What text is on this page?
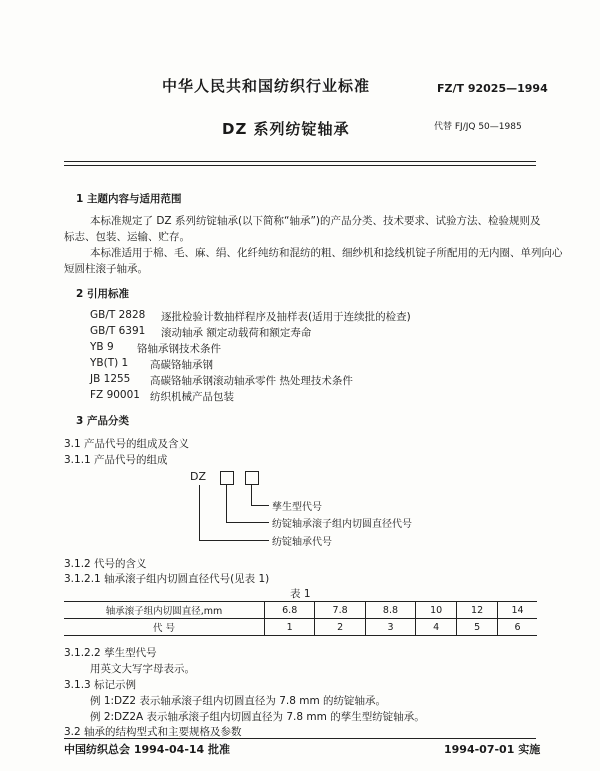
中华人民共和国纺织行业标准	FZ/T 92025—1994
DZ 系列纺锭轴承	代替 FJ/JQ 50—1985
1 主题内容与适用范围
本标准规定了 DZ 系列纺锭轴承(以下简称“轴承”)的产品分类、技术要求、试验方法、检验规则及
标志、包装、运输、贮存。
本标准适用于棉、毛、麻、绢、化纤纯纺和混纺的粗、细纱机和捻线机锭子所配用的无内圈、单列向心
短圆柱滚子轴承。
2 引用标准
GB/T 2828 逐批检验计数抽样程序及抽样表(适用于连续批的检查)
GB/T 6391 滚动轴承 额定动载荷和额定寿命
YB 9 铬轴承钢技术条件
YB(T) 1 高碳铬轴承钢
JB 1255 高碳铬轴承钢滚动轴承零件 热处理技术条件
FZ 90001 纺织机械产品包装
3 产品分类
3.1 产品代号的组成及含义
3.1.1 产品代号的组成
DZ
孳生型代号
纺锭轴承滚子组内切圆直径代号
纺锭轴承代号
3.1.2 代号的含义
3.1.2.1 轴承滚子组内切圆直径代号(见表 1)
表 1
轴承滚子组内切圆直径,mm	6.8	7.8	8.8	10	12	14
代 号	1	2	3	4	5	6
3.1.2.2 孳生型代号
用英文大写字母表示。
3.1.3 标记示例
例 1:DZ2 表示轴承滚子组内切圆直径为 7.8 mm 的纺锭轴承。
例 2:DZ2A 表示轴承滚子组内切圆直径为 7.8 mm 的孳生型纺锭轴承。
3.2 轴承的结构型式和主要规格及参数
中国纺织总会 1994-04-14 批准	1994-07-01 实施
